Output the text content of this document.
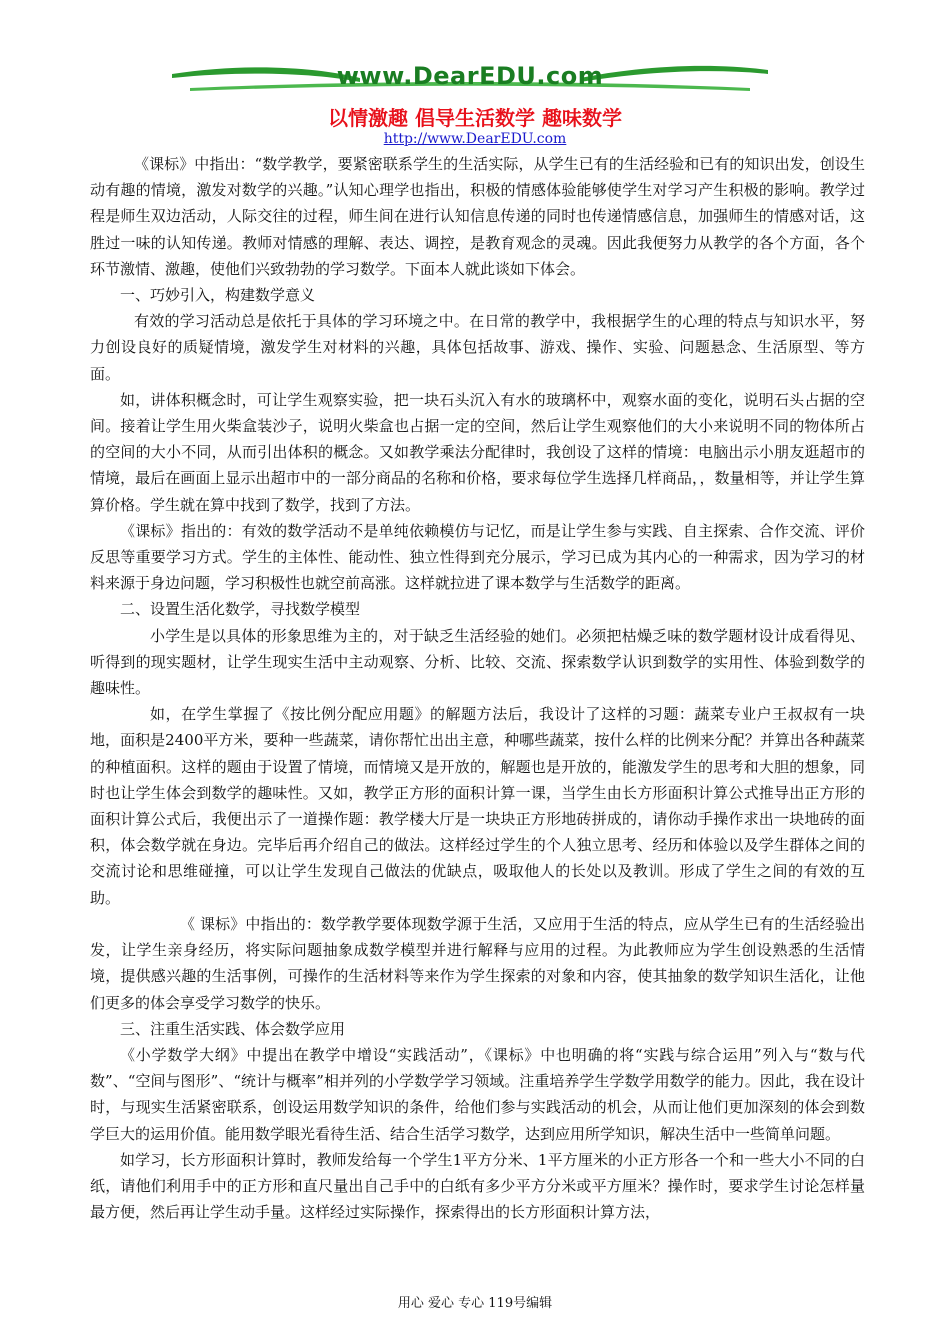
www.DearEDU.com
以情激趣 倡导生活数学 趣味数学
http://www.DearEDU.com

《课标》中指出：“数学教学，要紧密联系学生的生活实际，从学生已有的生活经验和已有的知识出发，创设生动有趣的情境，激发对数学的兴趣。”认知心理学也指出，积极的情感体验能够使学生对学习产生积极的影响。教学过程是师生双边活动，人际交往的过程，师生间在进行认知信息传递的同时也传递情感信息，加强师生的情感对话，这胜过一味的认知传递。教师对情感的理解、表达、调控，是教育观念的灵魂。因此我便努力从教学的各个方面，各个环节激情、激趣，使他们兴致勃勃的学习数学。下面本人就此谈如下体会。

一、巧妙引入，构建数学意义

有效的学习活动总是依托于具体的学习环境之中。在日常的教学中，我根据学生的心理的特点与知识水平，努力创设良好的质疑情境，激发学生对材料的兴趣，具体包括故事、游戏、操作、实验、问题悬念、生活原型、等方面。

如，讲体积概念时，可让学生观察实验，把一块石头沉入有水的玻璃杯中，观察水面的变化，说明石头占据的空间。接着让学生用火柴盒装沙子，说明火柴盒也占据一定的空间，然后让学生观察他们的大小来说明不同的物体所占的空间的大小不同，从而引出体积的概念。又如教学乘法分配律时，我创设了这样的情境：电脑出示小朋友逛超市的情境，最后在画面上显示出超市中的一部分商品的名称和价格，要求每位学生选择几样商品，，数量相等，并让学生算算价格。学生就在算中找到了数学，找到了方法。

《课标》指出的：有效的数学活动不是单纯依赖模仿与记忆，而是让学生参与实践、自主探索、合作交流、评价反思等重要学习方式。学生的主体性、能动性、独立性得到充分展示，学习已成为其内心的一种需求，因为学习的材料来源于身边问题，学习积极性也就空前高涨。这样就拉进了课本数学与生活数学的距离。

二、设置生活化数学，寻找数学模型

小学生是以具体的形象思维为主的，对于缺乏生活经验的她们。必须把枯燥乏味的数学题材设计成看得见、听得到的现实题材，让学生现实生活中主动观察、分析、比较、交流、探索数学认识到数学的实用性、体验到数学的趣味性。

如，在学生掌握了《按比例分配应用题》的解题方法后，我设计了这样的习题：蔬菜专业户王叔叔有一块地，面积是2400平方米，要种一些蔬菜，请你帮忙出出主意，种哪些蔬菜，按什么样的比例来分配？并算出各种蔬菜的种植面积。这样的题由于设置了情境，而情境又是开放的，解题也是开放的，能激发学生的思考和大胆的想象，同时也让学生体会到数学的趣味性。又如，教学正方形的面积计算一课，当学生由长方形面积计算公式推导出正方形的面积计算公式后，我便出示了一道操作题：教学楼大厅是一块块正方形地砖拼成的，请你动手操作求出一块地砖的面积，体会数学就在身边。完毕后再介绍自己的做法。这样经过学生的个人独立思考、经历和体验以及学生群体之间的交流讨论和思维碰撞，可以让学生发现自己做法的优缺点，吸取他人的长处以及教训。形成了学生之间的有效的互助。

《 课标》中指出的：数学教学要体现数学源于生活，又应用于生活的特点，应从学生已有的生活经验出发，让学生亲身经历，将实际问题抽象成数学模型并进行解释与应用的过程。为此教师应为学生创设熟悉的生活情境，提供感兴趣的生活事例，可操作的生活材料等来作为学生探索的对象和内容，使其抽象的数学知识生活化，让他们更多的体会享受学习数学的快乐。

三、注重生活实践、体会数学应用

《小学数学大纲》中提出在教学中增设“实践活动”，《课标》中也明确的将“实践与综合运用”列入与“数与代数”、“空间与图形”、“统计与概率”相并列的小学数学学习领域。注重培养学生学数学用数学的能力。因此，我在设计时，与现实生活紧密联系，创设运用数学知识的条件，给他们参与实践活动的机会，从而让他们更加深刻的体会到数学巨大的运用价值。能用数学眼光看待生活、结合生活学习数学，达到应用所学知识，解决生活中一些简单问题。

如学习，长方形面积计算时，教师发给每一个学生1平方分米、1平方厘米的小正方形各一个和一些大小不同的白纸，请他们利用手中的正方形和直尺量出自己手中的白纸有多少平方分米或平方厘米？操作时，要求学生讨论怎样量最方便，然后再让学生动手量。这样经过实际操作，探索得出的长方形面积计算方法，

用心 爱心 专心 119号编辑
